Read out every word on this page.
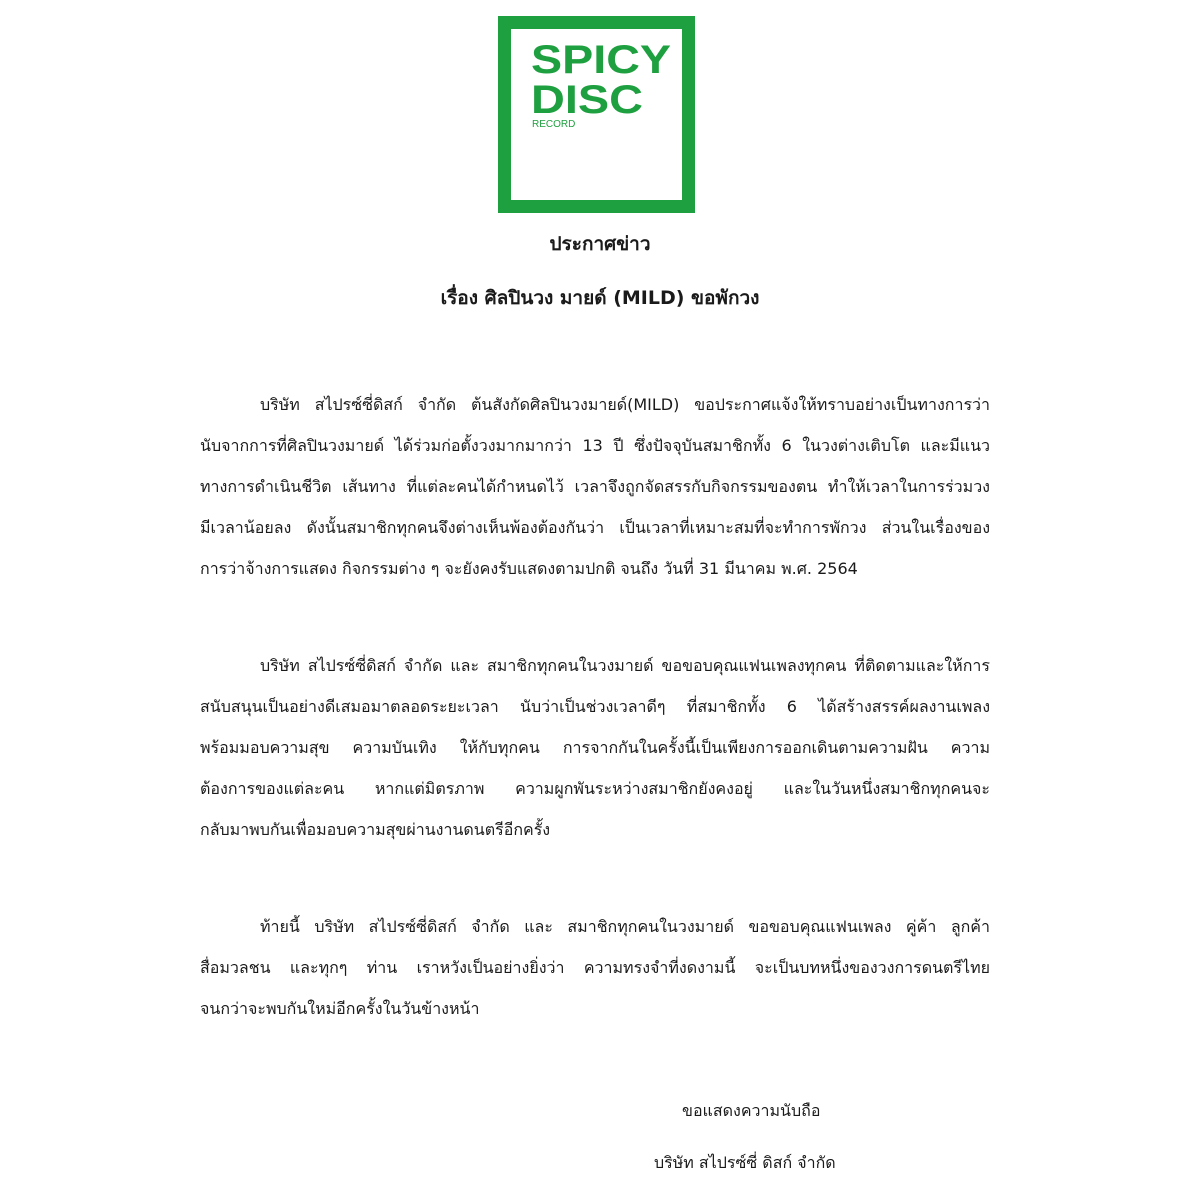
SPICY
DISC
RECORD
ประกาศข่าว
เรื่อง ศิลปินวง มายด์ (MILD) ขอพักวง
บริษัท สไปรซ์ซี่ดิสก์ จำกัด ต้นสังกัดศิลปินวงมายด์(MILD) ขอประกาศแจ้งให้ทราบอย่างเป็นทางการว่า
นับจากการที่ศิลปินวงมายด์ ได้ร่วมก่อตั้งวงมากมากว่า 13 ปี ซึ่งปัจจุบันสมาชิกทั้ง 6 ในวงต่างเติบโต และมีแนว
ทางการดำเนินชีวิต เส้นทาง ที่แต่ละคนได้กำหนดไว้ เวลาจึงถูกจัดสรรกับกิจกรรมของตน ทำให้เวลาในการร่วมวง
มีเวลาน้อยลง ดังนั้นสมาชิกทุกคนจึงต่างเห็นพ้องต้องกันว่า เป็นเวลาที่เหมาะสมที่จะทำการพักวง ส่วนในเรื่องของ
การว่าจ้างการแสดง กิจกรรมต่าง ๆ จะยังคงรับแสดงตามปกติ จนถึง วันที่ 31 มีนาคม พ.ศ. 2564
บริษัท สไปรซ์ซี่ดิสก์ จำกัด และ สมาชิกทุกคนในวงมายด์ ขอขอบคุณแฟนเพลงทุกคน ที่ติดตามและให้การ
สนับสนุนเป็นอย่างดีเสมอมาตลอดระยะเวลา นับว่าเป็นช่วงเวลาดีๆ ที่สมาชิกทั้ง 6 ได้สร้างสรรค์ผลงานเพลง
พร้อมมอบความสุข ความบันเทิง ให้กับทุกคน การจากกันในครั้งนี้เป็นเพียงการออกเดินตามความฝัน ความ
ต้องการของแต่ละคน หากแต่มิตรภาพ ความผูกพันระหว่างสมาชิกยังคงอยู่ และในวันหนึ่งสมาชิกทุกคนจะ
กลับมาพบกันเพื่อมอบความสุขผ่านงานดนตรีอีกครั้ง
ท้ายนี้ บริษัท สไปรซ์ซี่ดิสก์ จำกัด และ สมาชิกทุกคนในวงมายด์ ขอขอบคุณแฟนเพลง คู่ค้า ลูกค้า
สื่อมวลชน และทุกๆ ท่าน เราหวังเป็นอย่างยิ่งว่า ความทรงจำที่งดงามนี้ จะเป็นบทหนึ่งของวงการดนตรีไทย
จนกว่าจะพบกันใหม่อีกครั้งในวันข้างหน้า
ขอแสดงความนับถือ
บริษัท สไปรซ์ซี่ ดิสก์ จำกัด
